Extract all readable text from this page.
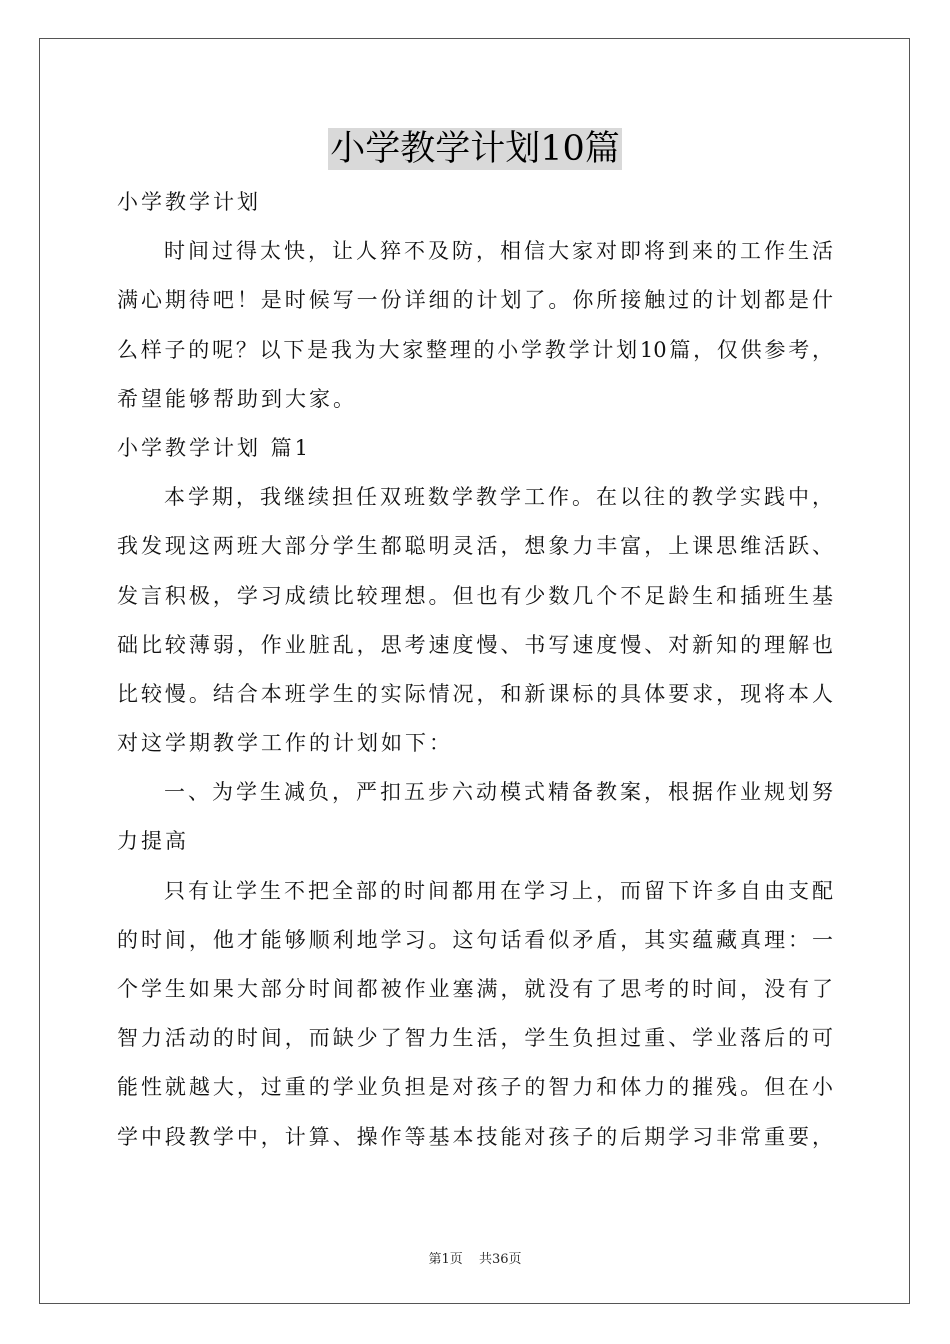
小学教学计划10篇
小学教学计划
时间过得太快，让人猝不及防，相信大家对即将到来的工作生活
满心期待吧！是时候写一份详细的计划了。你所接触过的计划都是什
么样子的呢？以下是我为大家整理的小学教学计划10篇，仅供参考，
希望能够帮助到大家。
小学教学计划 篇1
本学期，我继续担任双班数学教学工作。在以往的教学实践中，
我发现这两班大部分学生都聪明灵活，想象力丰富，上课思维活跃、
发言积极，学习成绩比较理想。但也有少数几个不足龄生和插班生基
础比较薄弱，作业脏乱，思考速度慢、书写速度慢、对新知的理解也
比较慢。结合本班学生的实际情况，和新课标的具体要求，现将本人
对这学期教学工作的计划如下：
一、为学生减负，严扣五步六动模式精备教案，根据作业规划努
力提高
只有让学生不把全部的时间都用在学习上，而留下许多自由支配
的时间，他才能够顺利地学习。这句话看似矛盾，其实蕴藏真理：一
个学生如果大部分时间都被作业塞满，就没有了思考的时间，没有了
智力活动的时间，而缺少了智力生活，学生负担过重、学业落后的可
能性就越大，过重的学业负担是对孩子的智力和体力的摧残。但在小
学中段教学中，计算、操作等基本技能对孩子的后期学习非常重要，
第1页 共36页
